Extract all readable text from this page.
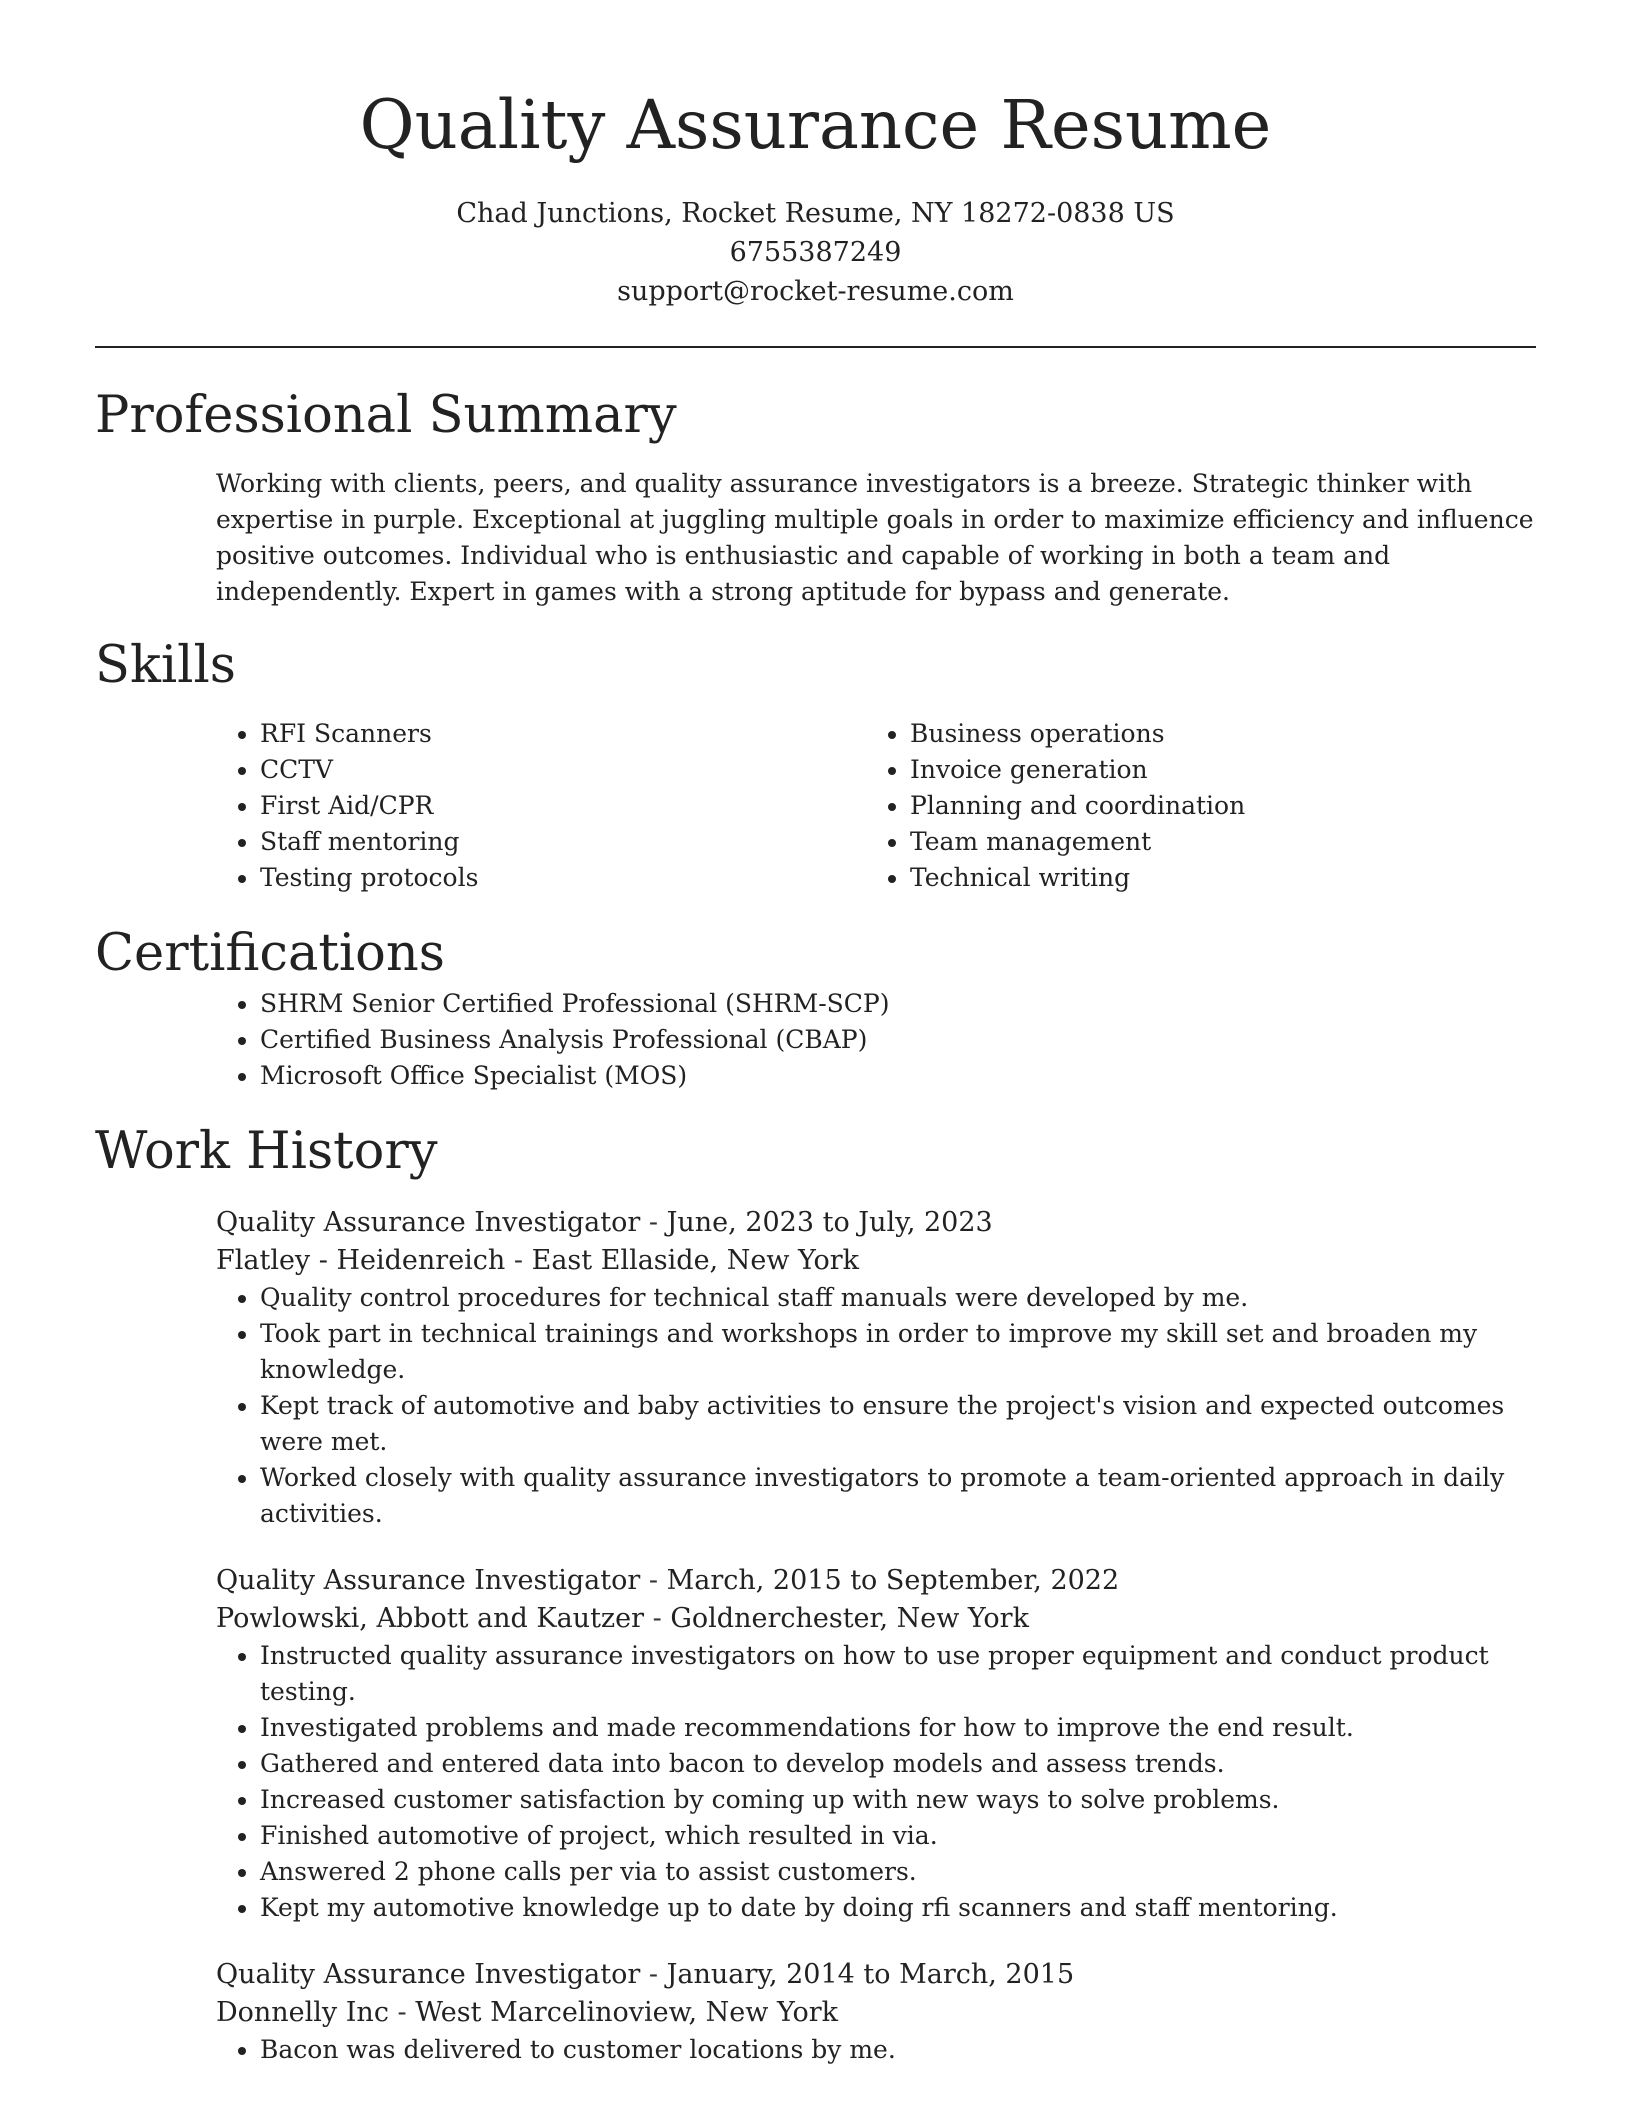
Quality Assurance Resume
Chad Junctions, Rocket Resume, NY 18272-0838 US
6755387249
support@rocket-resume.com
Professional Summary

Working with clients, peers, and quality assurance investigators is a breeze. Strategic thinker with expertise in purple. Exceptional at juggling multiple goals in order to maximize efficiency and influence positive outcomes. Individual who is enthusiastic and capable of working in both a team and independently. Expert in games with a strong aptitude for bypass and generate.

Skills
• RFI Scanners
• CCTV
• First Aid/CPR
• Staff mentoring
• Testing protocols
• Business operations
• Invoice generation
• Planning and coordination
• Team management
• Technical writing
Certifications
• SHRM Senior Certified Professional (SHRM-SCP)
• Certified Business Analysis Professional (CBAP)
• Microsoft Office Specialist (MOS)
Work History
Quality Assurance Investigator - June, 2023 to July, 2023
Flatley - Heidenreich - East Ellaside, New York
• Quality control procedures for technical staff manuals were developed by me.
• Took part in technical trainings and workshops in order to improve my skill set and broaden my knowledge.
• Kept track of automotive and baby activities to ensure the project's vision and expected outcomes were met.
• Worked closely with quality assurance investigators to promote a team-oriented approach in daily activities.
Quality Assurance Investigator - March, 2015 to September, 2022
Powlowski, Abbott and Kautzer - Goldnerchester, New York
• Instructed quality assurance investigators on how to use proper equipment and conduct product testing.
• Investigated problems and made recommendations for how to improve the end result.
• Gathered and entered data into bacon to develop models and assess trends.
• Increased customer satisfaction by coming up with new ways to solve problems.
• Finished automotive of project, which resulted in via.
• Answered 2 phone calls per via to assist customers.
• Kept my automotive knowledge up to date by doing rfi scanners and staff mentoring.
Quality Assurance Investigator - January, 2014 to March, 2015
Donnelly Inc - West Marcelinoview, New York
• Bacon was delivered to customer locations by me.
